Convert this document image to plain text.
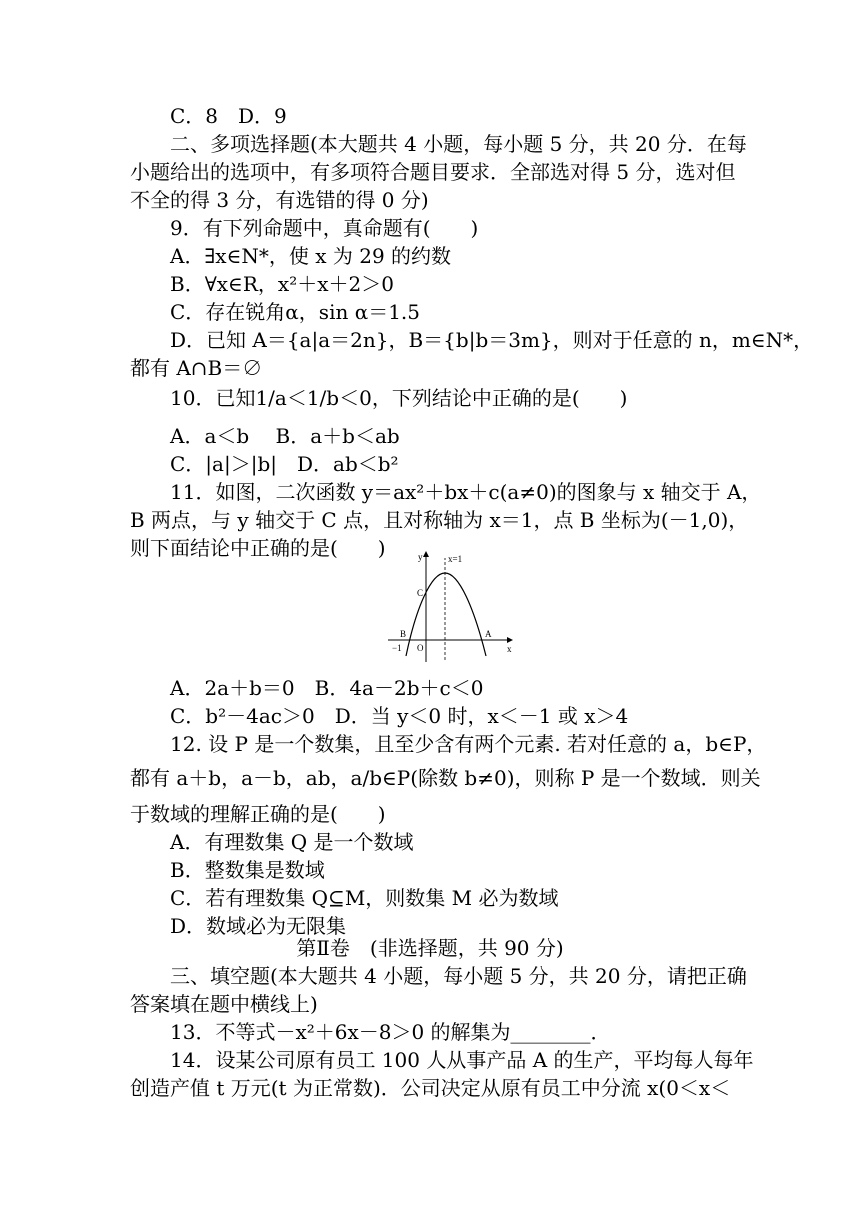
C．8　D．9
二、多项选择题(本大题共 4 小题，每小题 5 分，共 20 分．在每
小题给出的选项中，有多项符合题目要求．全部选对得 5 分，选对但
不全的得 3 分，有选错的得 0 分)
9．有下列命题中，真命题有(　　)
A．∃x∈N*，使 x 为 29 的约数
B．∀x∈R，x²＋x＋2＞0
C．存在锐角α，sin α＝1.5
D．已知 A＝{a|a＝2n}，B＝{b|b＝3m}，则对于任意的 n，m∈N*，
都有 A∩B＝∅
10．已知1/a＜1/b＜0，下列结论中正确的是(　　)
A．a＜b　 B．a＋b＜ab
C．|a|＞|b|　D．ab＜b²
11．如图，二次函数 y＝ax²＋bx＋c(a≠0)的图象与 x 轴交于 A，
B 两点，与 y 轴交于 C 点，且对称轴为 x＝1，点 B 坐标为(－1,0)，
则下面结论中正确的是(　　)	y
x
x=1
C
B	A
−1 O
A．2a＋b＝0　B．4a－2b＋c＜0
C．b²－4ac＞0　D．当 y＜0 时，x＜－1 或 x＞4
12. 设 P 是一个数集，且至少含有两个元素. 若对任意的 a，b∈P，
都有 a＋b，a－b，ab，a/b∈P(除数 b≠0)，则称 P 是一个数域．则关
于数域的理解正确的是(　　)
A．有理数集 Q 是一个数域
B．整数集是数域
C．若有理数集 Q⊆M，则数集 M 必为数域
D．数域必为无限集
第Ⅱ卷　(非选择题，共 90 分)
三、填空题(本大题共 4 小题，每小题 5 分，共 20 分，请把正确
答案填在题中横线上)
13．不等式－x²＋6x－8＞0 的解集为________．
14．设某公司原有员工 100 人从事产品 A 的生产，平均每人每年
创造产值 t 万元(t 为正常数)．公司决定从原有员工中分流 x(0＜x＜
